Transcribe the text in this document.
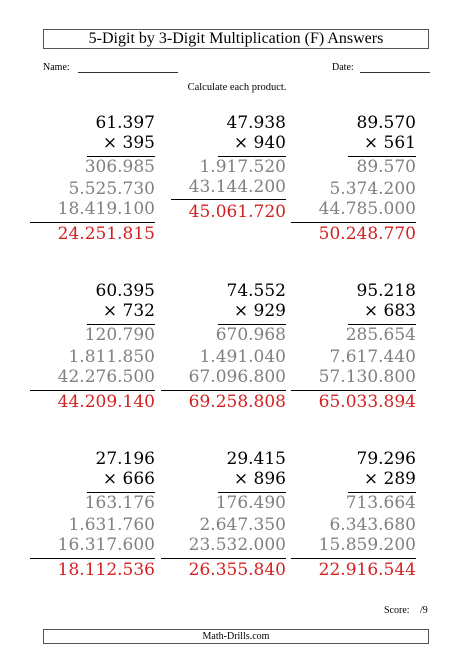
5-Digit by 3-Digit Multiplication (F) Answers
Name:	Date:
Calculate each product.
61.397
× 395
306.985
5.525.730
18.419.100
24.251.815
47.938
× 940
1.917.520
43.144.200
45.061.720
89.570
× 561
89.570
5.374.200
44.785.000
50.248.770
60.395
× 732
120.790
1.811.850
42.276.500
44.209.140
74.552
× 929
670.968
1.491.040
67.096.800
69.258.808
95.218
× 683
285.654
7.617.440
57.130.800
65.033.894
27.196
× 666
163.176
1.631.760
16.317.600
18.112.536
29.415
× 896
176.490
2.647.350
23.532.000
26.355.840
79.296
× 289
713.664
6.343.680
15.859.200
22.916.544
Score: /9
Math-Drills.com
